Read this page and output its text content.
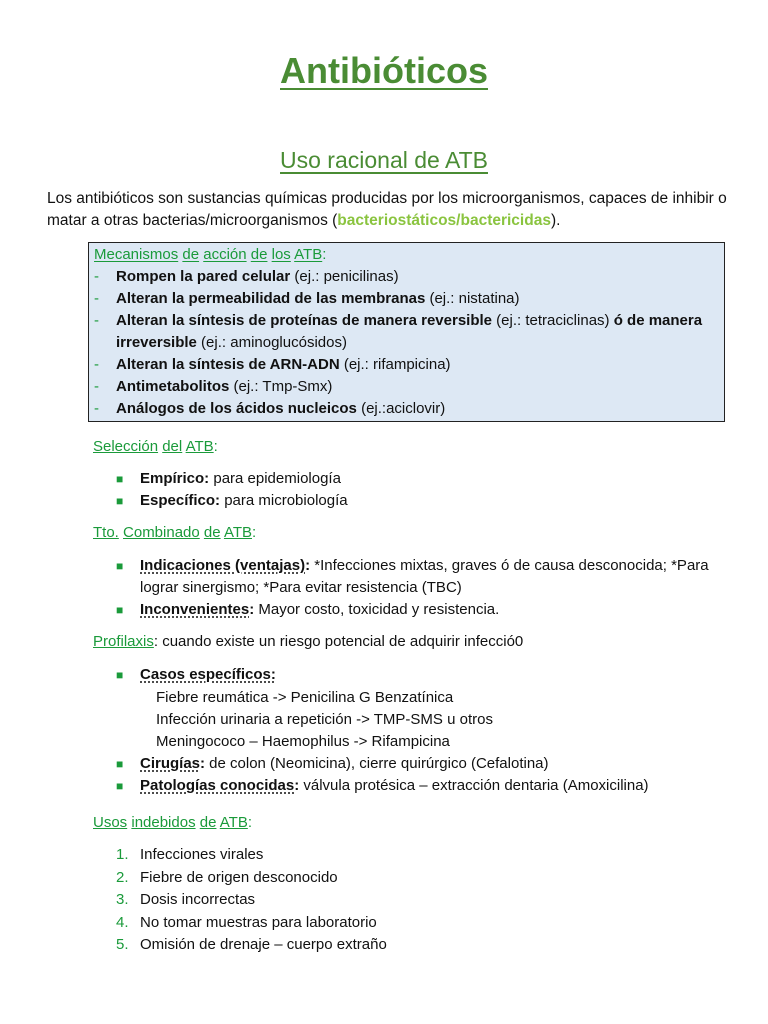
Antibióticos
Uso racional de ATB
Los antibióticos son sustancias químicas producidas por los microorganismos, capaces de inhibir o matar a otras bacterias/microorganismos (bacteriostáticos/bactericidas).
Mecanismos de acción de los ATB:
-	Rompen la pared celular (ej.: penicilinas)
-	Alteran la permeabilidad de las membranas (ej.: nistatina)
-	Alteran la síntesis de proteínas de manera reversible (ej.: tetraciclinas) ó de manera irreversible (ej.: aminoglucósidos)
-	Alteran la síntesis de ARN-ADN (ej.: rifampicina)
-	Antimetabolitos (ej.: Tmp-Smx)
-	Análogos de los ácidos nucleicos (ej.:aciclovir)
Selección del ATB:
■	Empírico: para epidemiología
■	Específico: para microbiología
Tto. Combinado de ATB:
■	Indicaciones (ventajas): *Infecciones mixtas, graves ó de causa desconocida; *Para lograr sinergismo; *Para evitar resistencia (TBC)
■	Inconvenientes: Mayor costo, toxicidad y resistencia.
Profilaxis: cuando existe un riesgo potencial de adquirir infecció0
■	Casos específicos:
Fiebre reumática -> Penicilina G Benzatínica
Infección urinaria a repetición -> TMP-SMS u otros
Meningococo – Haemophilus -> Rifampicina
■	Cirugías: de colon (Neomicina), cierre quirúrgico (Cefalotina)
■	Patologías conocidas: válvula protésica – extracción dentaria (Amoxicilina)
Usos indebidos de ATB:
1. Infecciones virales
2. Fiebre de origen desconocido
3. Dosis incorrectas
4. No tomar muestras para laboratorio
5. Omisión de drenaje – cuerpo extraño
